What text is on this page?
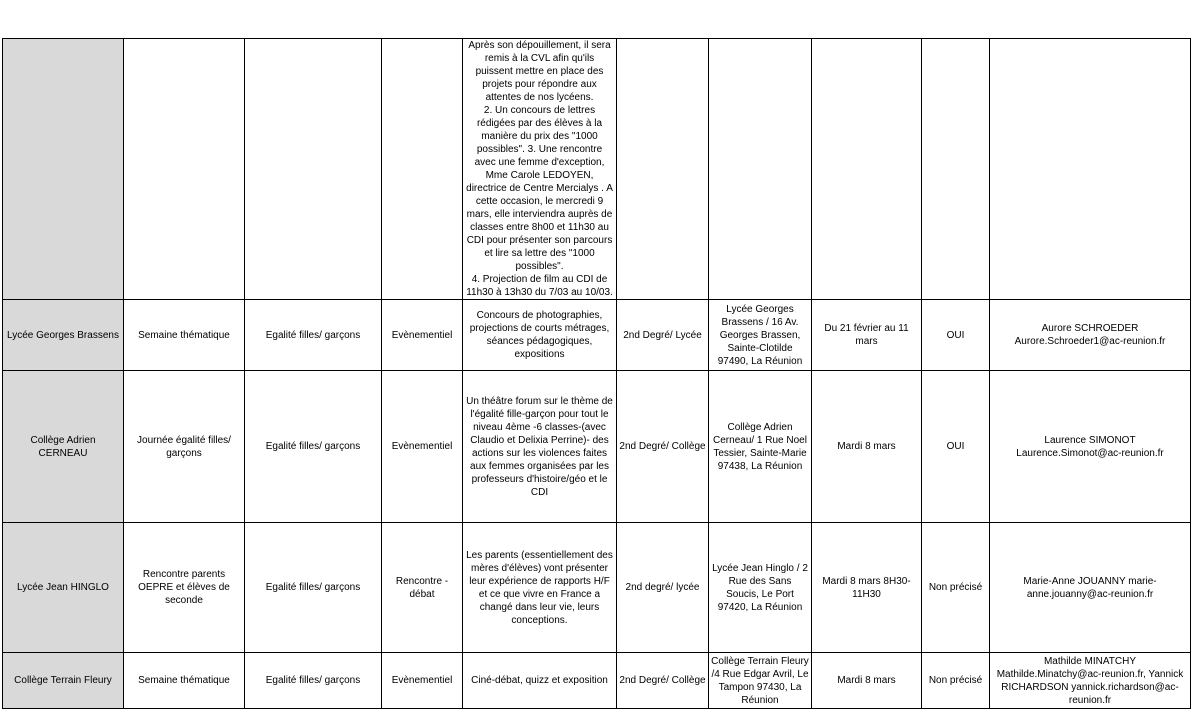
				Après son dépouillement, il sera remis à la CVL afin qu'ils puissent mettre en place des projets pour répondre aux attentes de nos lycéens.
2. Un concours de lettres rédigées par des élèves à la manière du prix des "1000 possibles". 3. Une rencontre avec une femme d'exception, Mme Carole LEDOYEN, directrice de Centre Mercialys . A cette occasion, le mercredi 9 mars, elle interviendra auprès de classes entre 8h00 et 11h30 au CDI pour présenter son parcours et lire sa lettre des "1000 possibles".
4. Projection de film au CDI de 11h30 à 13h30 du 7/03 au 10/03.					
Lycée Georges Brassens	Semaine thématique	Egalité filles/ garçons	Evènementiel	Concours de photographies, projections de courts métrages, séances pédagogiques, expositions	2nd Degré/ Lycée	Lycée Georges Brassens / 16 Av. Georges Brassen, Sainte-Clotilde 97490, La Réunion	Du 21 février au 11 mars	OUI	Aurore SCHROEDER Aurore.Schroeder1@ac-reunion.fr
Collège Adrien CERNEAU	Journée égalité filles/ garçons	Egalité filles/ garçons	Evènementiel	Un théâtre forum sur le thème de l'égalité fille-garçon pour tout le niveau 4ème -6 classes-(avec Claudio et Delixia Perrine)- des actions sur les violences faites aux femmes organisées par les professeurs d'histoire/géo et le CDI	2nd Degré/ Collège	Collège Adrien Cerneau/ 1 Rue Noel Tessier, Sainte-Marie 97438, La Réunion	Mardi 8 mars	OUI	Laurence SIMONOT Laurence.Simonot@ac-reunion.fr
Lycée Jean HINGLO	Rencontre parents OEPRE et élèves de seconde	Egalité filles/ garçons	Rencontre - débat	Les parents (essentiellement des mères d'élèves) vont présenter leur expérience de rapports H/F et ce que vivre en France a changé dans leur vie, leurs conceptions.	2nd degré/ lycée	Lycée Jean Hinglo / 2 Rue des Sans Soucis, Le Port 97420, La Réunion	Mardi 8 mars 8H30-11H30	Non précisé	Marie-Anne JOUANNY marie-anne.jouanny@ac-reunion.fr
Collège Terrain Fleury	Semaine thématique	Egalité filles/ garçons	Evènementiel	Ciné-débat, quizz et exposition	2nd Degré/ Collège	Collège Terrain Fleury /4 Rue Edgar Avril, Le Tampon 97430, La Réunion	Mardi 8 mars	Non précisé	Mathilde MINATCHY Mathilde.Minatchy@ac-reunion.fr, Yannick RICHARDSON yannick.richardson@ac-reunion.fr
